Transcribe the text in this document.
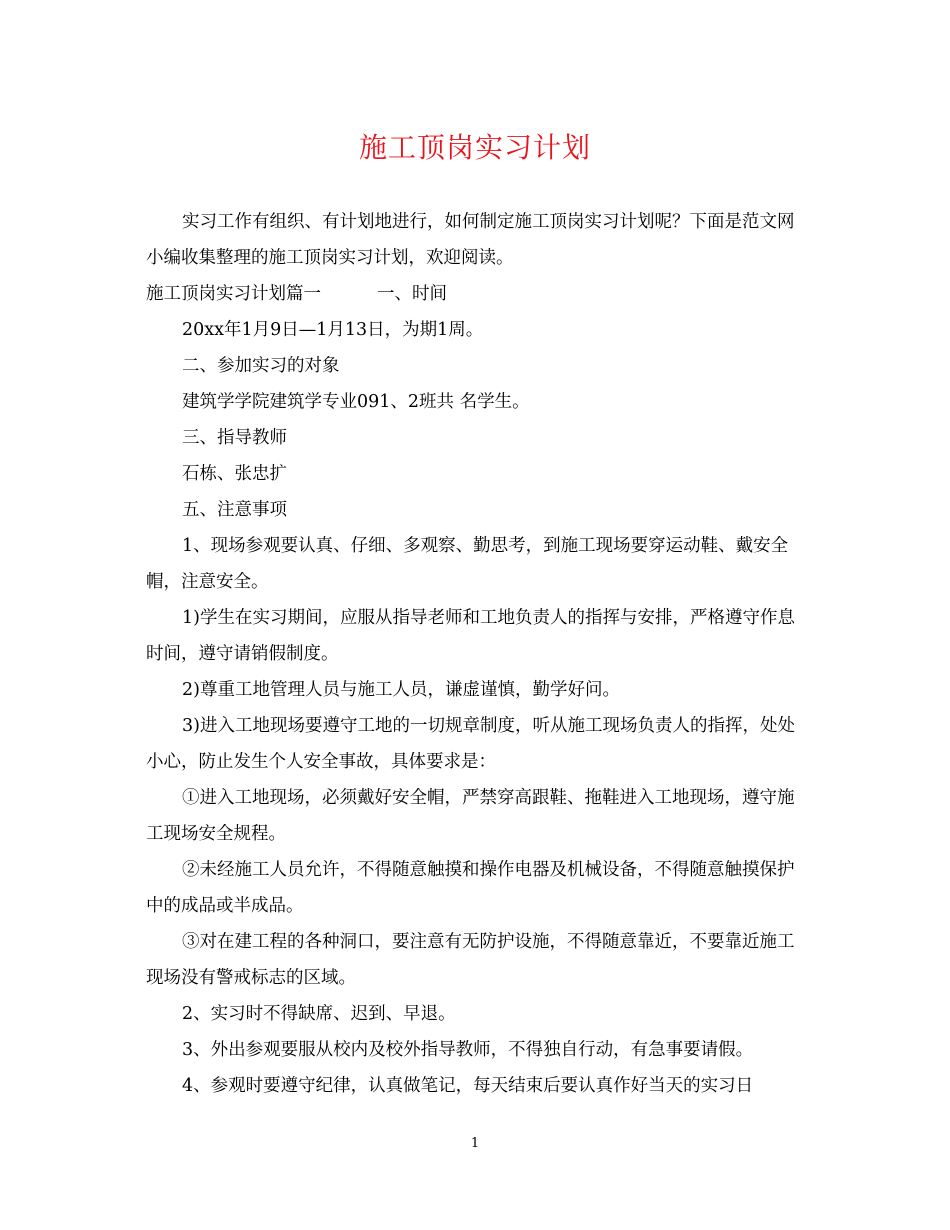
施工顶岗实习计划

实习工作有组织、有计划地进行，如何制定施工顶岗实习计划呢？下面是范文网小编收集整理的施工顶岗实习计划，欢迎阅读。

施工顶岗实习计划篇一	一、时间

20xx年1月9日—1月13日，为期1周。

二、参加实习的对象

建筑学学院建筑学专业091、2班共 名学生。

三、指导教师

石栋、张忠扩

五、注意事项

1、现场参观要认真、仔细、多观察、勤思考，到施工现场要穿运动鞋、戴安全帽，注意安全。

1)学生在实习期间，应服从指导老师和工地负责人的指挥与安排，严格遵守作息时间，遵守请销假制度。

2)尊重工地管理人员与施工人员，谦虚谨慎，勤学好问。

3)进入工地现场要遵守工地的一切规章制度，听从施工现场负责人的指挥，处处小心，防止发生个人安全事故，具体要求是：

①进入工地现场，必须戴好安全帽，严禁穿高跟鞋、拖鞋进入工地现场，遵守施工现场安全规程。

②未经施工人员允许，不得随意触摸和操作电器及机械设备，不得随意触摸保护中的成品或半成品。

③对在建工程的各种洞口，要注意有无防护设施，不得随意靠近，不要靠近施工现场没有警戒标志的区域。

2、实习时不得缺席、迟到、早退。

3、外出参观要服从校内及校外指导教师，不得独自行动，有急事要请假。

4、参观时要遵守纪律，认真做笔记，每天结束后要认真作好当天的实习日

1
